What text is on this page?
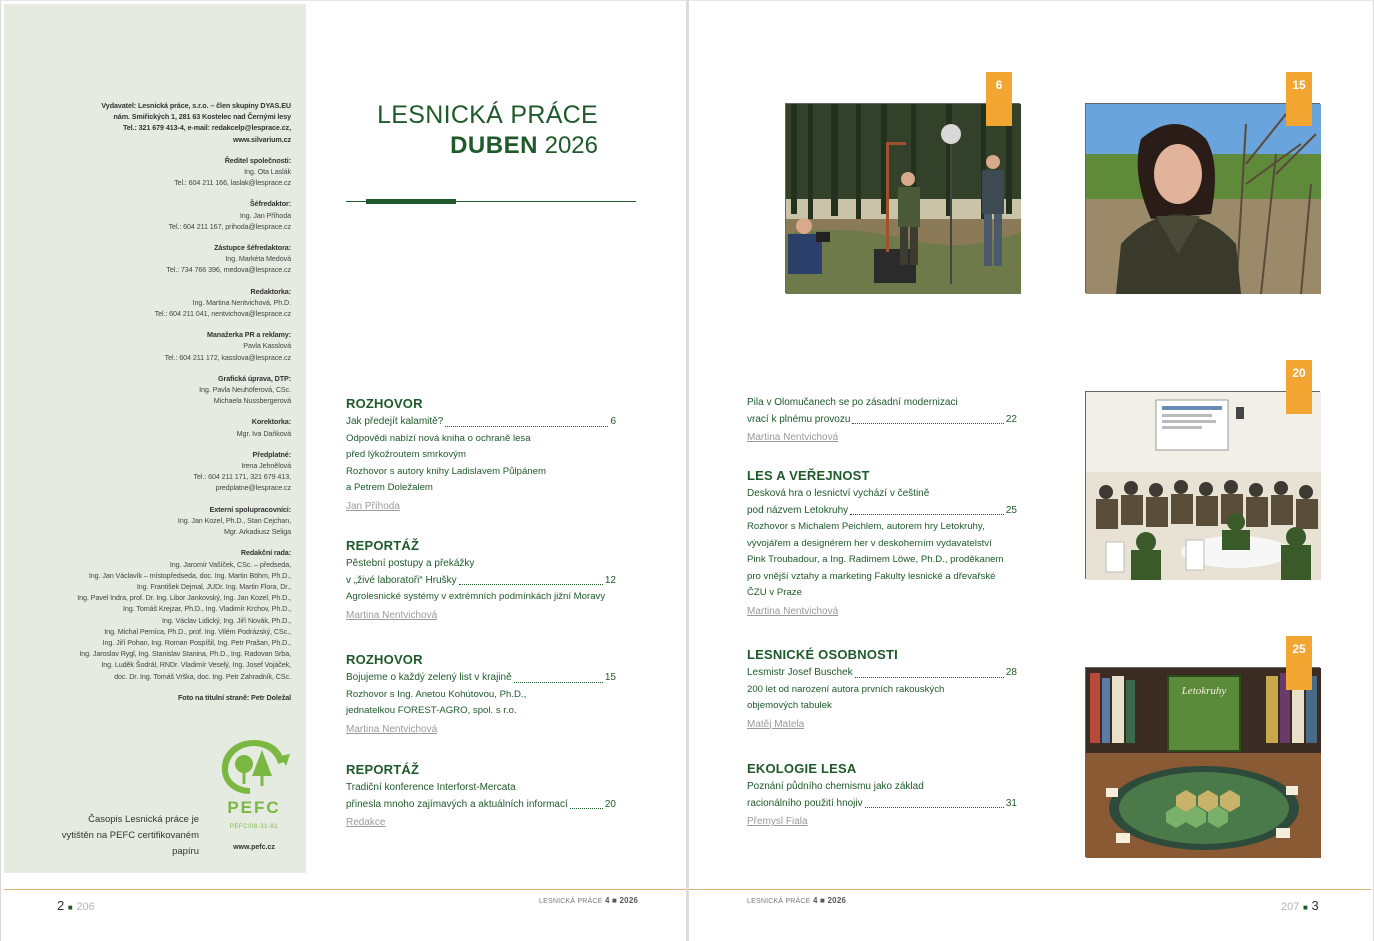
Vydavatel: Lesnická práce, s.r.o. – člen skupiny DYAS.EU
nám. Smiřických 1, 281 63 Kostelec nad Černými lesy
Tel.: 321 679 413-4, e-mail: redakcelp@lesprace.cz,
www.silvarium.cz
Ředitel společnosti:
Ing. Ota Laslák
Tel.: 604 211 166, laslak@lesprace.cz
Šéfredaktor:
Ing. Jan Příhoda
Tel.: 604 211 167, prihoda@lesprace.cz
Zástupce šéfredaktora:
Ing. Markéta Medová
Tel.: 734 766 396, medova@lesprace.cz
Redaktorka:
Ing. Martina Nentvichová, Ph.D.
Tel.: 604 211 041, nentvichova@lesprace.cz
Manažerka PR a reklamy:
Pavla Kasslová
Tel.: 604 211 172, kasslova@lesprace.cz
Grafická úprava, DTP:
Ing. Pavla Neuhöferová, CSc.
Michaela Nussbergerová
Korektorka:
Mgr. Iva Daňková
Předplatné:
Irena Jehnělová
Tel.: 604 211 171, 321 679 413,
predplatne@lesprace.cz
Externí spolupracovníci:
Ing. Jan Kozel, Ph.D., Stan Cejchan,
Mgr. Arkadiusz Seliga
Redakční rada:
Ing. Jaromír Vašíček, CSc. – předseda,
Ing. Jan Václavík – místopředseda, doc. Ing. Martin Böhm, Ph.D.,
Ing. František Dejmal, JUDr. Ing. Martin Flora, Dr.,
Ing. Pavel Indra, prof. Dr. Ing. Libor Jankovský, Ing. Jan Kozel, Ph.D.,
Ing. Tomáš Krejzar, Ph.D., Ing. Vladimír Krchov, Ph.D.,
Ing. Václav Lidický, Ing. Jiří Novák, Ph.D.,
Ing. Michal Perníca, Ph.D., prof. Ing. Vilém Podrázský, CSc.,
Ing. Jiří Pohan, Ing. Roman Pospíšil, Ing. Petr Prašan, Ph.D.,
Ing. Jaroslav Rygl, Ing. Stanislav Stanina, Ph.D., Ing. Radovan Srba,
Ing. Luděk Šodrál, RNDr. Vladimír Veselý, Ing. Josef Vojáček,
doc. Dr. Ing. Tomáš Vrška, doc. Ing. Petr Zahradník, CSc.
Foto na titulní straně: Petr Doležal
Časopis Lesnická práce je
vytištěn na PEFC certifikovaném
papíru
PEFC
PEFC/08-31-81
www.pefc.cz
LESNICKÁ PRÁCE
DUBEN 2026
ROZHOVOR
Jak předejít kalamitě?	6
Odpovědi nabízí nová kniha o ochraně lesa
před lýkožroutem smrkovým
Rozhovor s autory knihy Ladislavem Půlpánem
a Petrem Doležalem
Jan Příhoda
REPORTÁŽ
Pěstební postupy a překážky
v „živé laboratoři“ Hrušky	12
Agrolesnické systémy v extrémních podmínkách jižní Moravy
Martina Nentvichová
ROZHOVOR
Bojujeme o každý zelený list v krajině	15
Rozhovor s Ing. Anetou Kohútovou, Ph.D.,
jednatelkou FOREST-AGRO, spol. s r.o.
Martina Nentvichová
REPORTÁŽ
Tradiční konference Interforst-Mercata
přinesla mnoho zajímavých a aktuálních informací	20
Redakce
2 ■ 206	LESNICKÁ PRÁCE 4 ■ 2026
6	15
20
Letokruhy
25
Pila v Olomučanech se po zásadní modernizaci
vrací k plnému provozu	22
Martina Nentvichová
LES A VEŘEJNOST
Desková hra o lesnictví vychází v češtině
pod názvem Letokruhy	25
Rozhovor s Michalem Peichlem, autorem hry Letokruhy,
vývojářem a designérem her v deskoherním vydavatelství
Pink Troubadour, a Ing. Radimem Löwe, Ph.D., proděkanem
pro vnější vztahy a marketing Fakulty lesnické a dřevařské
ČZU v Praze
Martina Nentvichová
LESNICKÉ OSOBNOSTI
Lesmistr Josef Buschek	28
200 let od narození autora prvních rakouských
objemových tabulek
Matěj Matela
EKOLOGIE LESA
Poznání půdního chemismu jako základ
racionálního použití hnojiv	31
Přemysl Fiala
LESNICKÁ PRÁCE 4 ■ 2026
207 ■ 3
